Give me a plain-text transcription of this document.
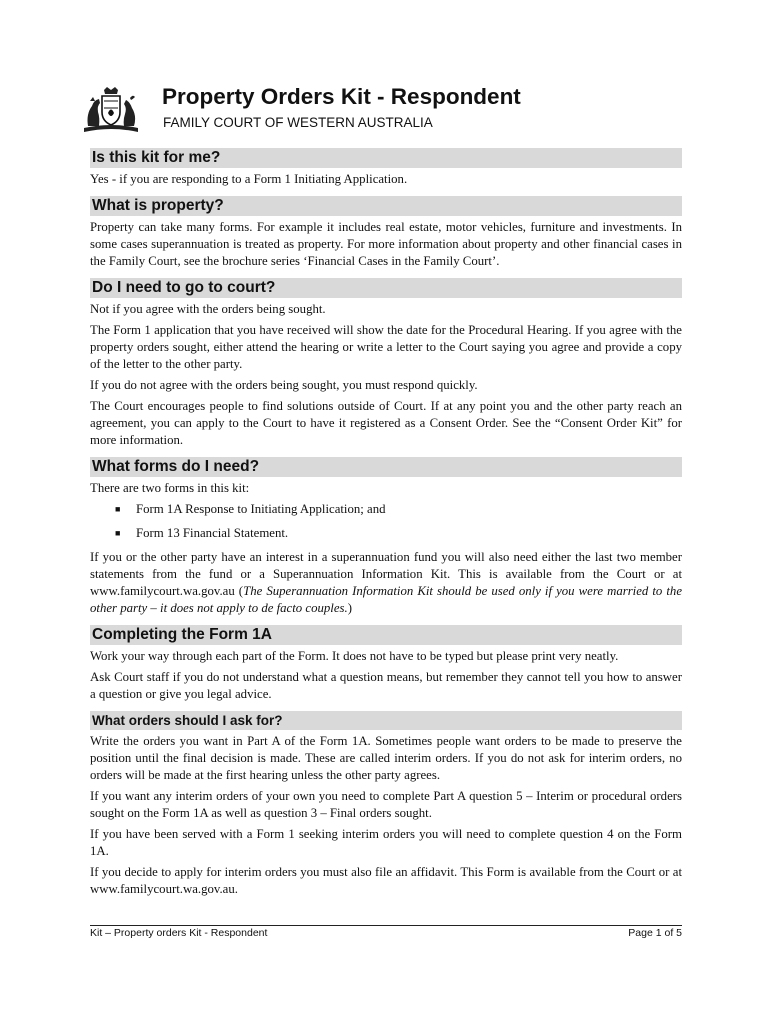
Property Orders Kit - Respondent
FAMILY COURT OF WESTERN AUSTRALIA
Is this kit for me?

Yes - if you are responding to a Form 1 Initiating Application.

What is property?

Property can take many forms. For example it includes real estate, motor vehicles, furniture and investments. In some cases superannuation is treated as property. For more information about property and other financial cases in the Family Court, see the brochure series ‘Financial Cases in the Family Court’.

Do I need to go to court?

Not if you agree with the orders being sought.

The Form 1 application that you have received will show the date for the Procedural Hearing. If you agree with the property orders sought, either attend the hearing or write a letter to the Court saying you agree and provide a copy of the letter to the other party.

If you do not agree with the orders being sought, you must respond quickly.

The Court encourages people to find solutions outside of Court. If at any point you and the other party reach an agreement, you can apply to the Court to have it registered as a Consent Order. See the “Consent Order Kit” for more information.

What forms do I need?

There are two forms in this kit:

■ Form 1A Response to Initiating Application; and
■ Form 13 Financial Statement.

If you or the other party have an interest in a superannuation fund you will also need either the last two member statements from the fund or a Superannuation Information Kit. This is available from the Court or at www.familycourt.wa.gov.au (The Superannuation Information Kit should be used only if you were married to the other party – it does not apply to de facto couples.)

Completing the Form 1A

Work your way through each part of the Form. It does not have to be typed but please print very neatly.

Ask Court staff if you do not understand what a question means, but remember they cannot tell you how to answer a question or give you legal advice.

What orders should I ask for?

Write the orders you want in Part A of the Form 1A. Sometimes people want orders to be made to preserve the position until the final decision is made. These are called interim orders. If you do not ask for interim orders, no orders will be made at the first hearing unless the other party agrees.

If you want any interim orders of your own you need to complete Part A question 5 – Interim or procedural orders sought on the Form 1A as well as question 3 – Final orders sought.

If you have been served with a Form 1 seeking interim orders you will need to complete question 4 on the Form 1A.

If you decide to apply for interim orders you must also file an affidavit. This Form is available from the Court or at www.familycourt.wa.gov.au.

Kit – Property orders Kit - Respondent	Page 1 of 5
